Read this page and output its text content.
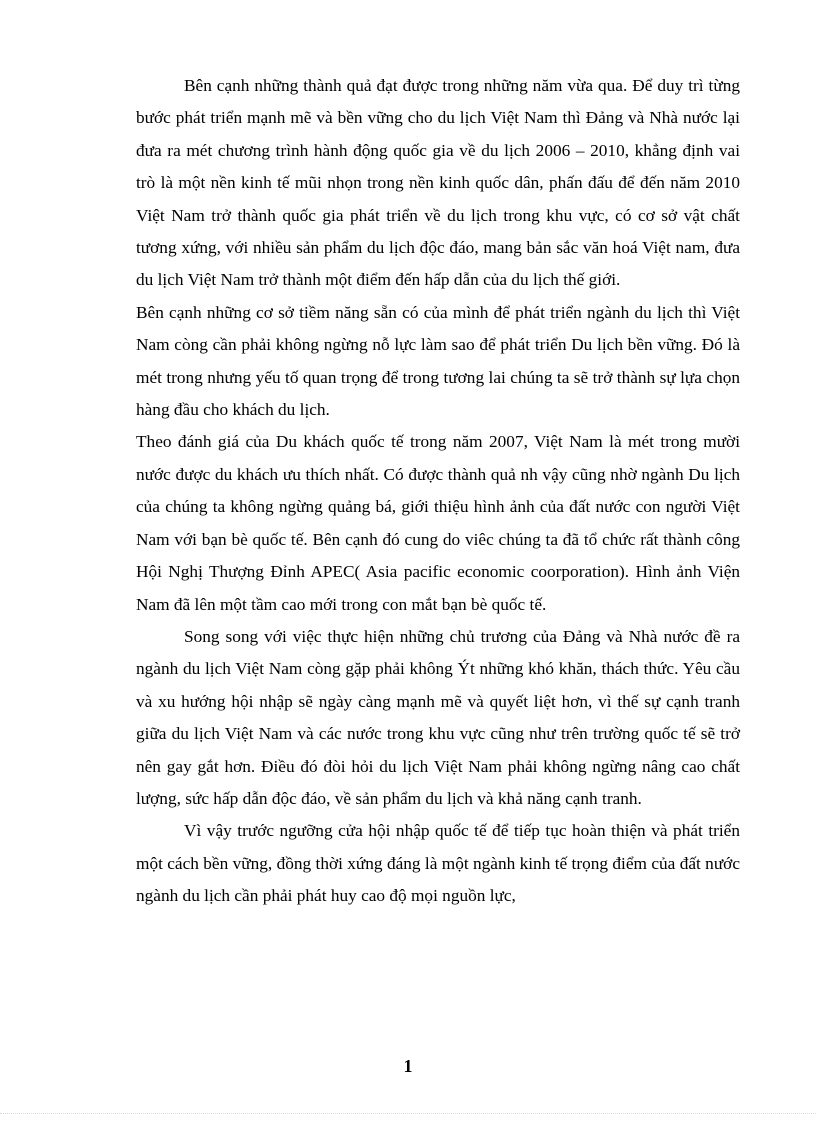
Bên cạnh những thành quả đạt được trong những năm vừa qua. Để duy trì từng bước phát triển mạnh mẽ và bền vững cho du lịch Việt Nam thì Đảng và Nhà nước lại đưa ra mét chương trình hành động quốc gia về du lịch 2006 – 2010, khẳng định vai trò là một nền kinh tế mũi nhọn trong nền kinh quốc dân, phấn đấu để đến năm 2010 Việt Nam trở thành quốc gia phát triển về du lịch trong khu vực, có cơ sở vật chất tương xứng, với nhiều sản phẩm du lịch độc đáo, mang bản sắc văn hoá Việt nam, đưa du lịch Việt Nam trở thành một điểm đến hấp dẫn của du lịch thế giới.

Bên cạnh những cơ sở tiềm năng sẵn có của mình để phát triển ngành du lịch thì Việt Nam còng cần phải không ngừng nỗ lực làm sao để phát triển Du lịch bền vững. Đó là mét trong nhưng yếu tố quan trọng để trong tương lai chúng ta sẽ trở thành sự lựa chọn hàng đầu cho khách du lịch.

Theo đánh giá của Du khách quốc tế trong năm 2007, Việt Nam là mét trong mười nước được du khách ưu thích nhất. Có được thành quả nh vậy cũng nhờ ngành Du lịch của chúng ta không ngừng quảng bá, giới thiệu hình ảnh của đất nước con người Việt Nam với bạn bè quốc tế. Bên cạnh đó cung do viêc chúng ta đã tổ chức rất thành công Hội Nghị Thượng Đỉnh APEC( Asia pacific economic coorporation). Hình ảnh Viện Nam đã lên một tầm cao mới trong con mắt bạn bè quốc tế.

Song song với việc thực hiện những chủ trương của Đảng và Nhà nước đề ra ngành du lịch Việt Nam còng gặp phải không Ýt những khó khăn, thách thức. Yêu cầu và xu hướng hội nhập sẽ ngày càng mạnh mẽ và quyết liệt hơn, vì thế sự cạnh tranh giữa du lịch Việt Nam và các nước trong khu vực cũng như trên trường quốc tế sẽ trở nên gay gắt hơn. Điều đó đòi hỏi du lịch Việt Nam phải không ngừng nâng cao chất lượng, sức hấp dẫn độc đáo, về sản phẩm du lịch và khả năng cạnh tranh.

Vì vậy trước ngưỡng cửa hội nhập quốc tế để tiếp tục hoàn thiện và phát triển một cách bền vững, đồng thời xứng đáng là một ngành kinh tế trọng điểm của đất nước ngành du lịch cần phải phát huy cao độ mọi nguồn lực,

1
